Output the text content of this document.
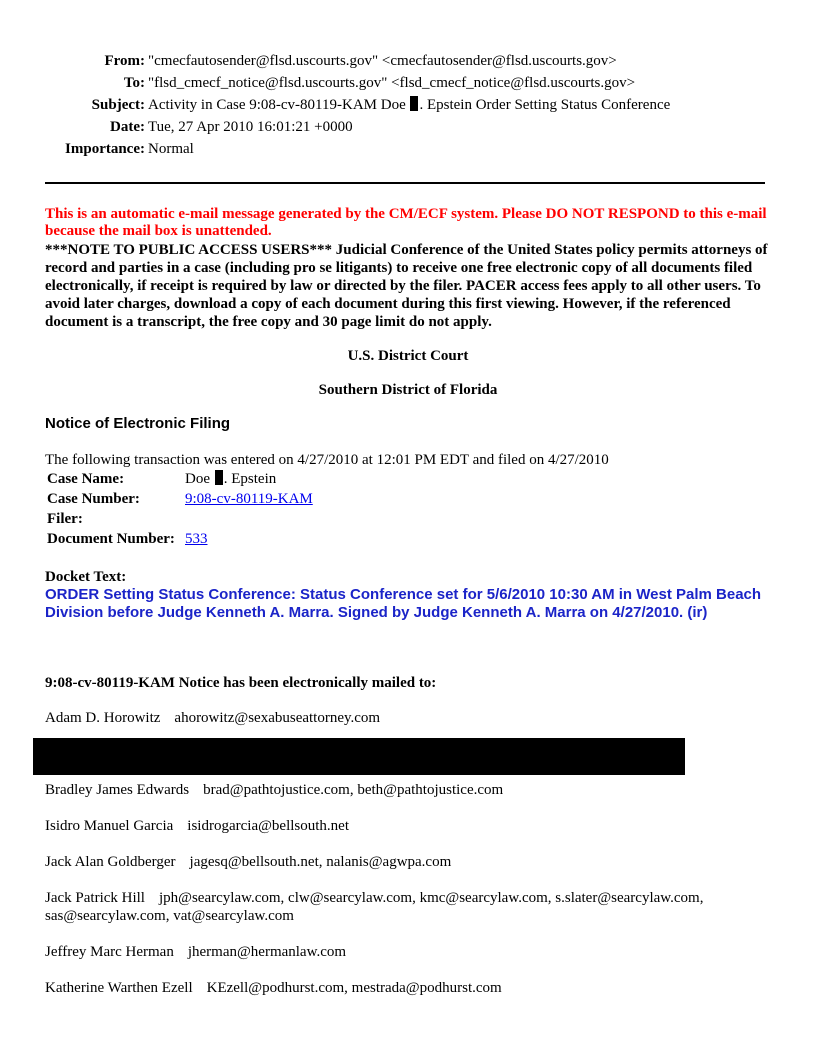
From: "cmecfautosender@flsd.uscourts.gov" <cmecfautosender@flsd.uscourts.gov>
To: "flsd_cmecf_notice@flsd.uscourts.gov" <flsd_cmecf_notice@flsd.uscourts.gov>
Subject: Activity in Case 9:08-cv-80119-KAM Doe . Epstein Order Setting Status Conference
Date: Tue, 27 Apr 2010 16:01:21 +0000
Importance: Normal
This is an automatic e-mail message generated by the CM/ECF system. Please DO NOT RESPOND to this e-mail because the mail box is unattended.
***NOTE TO PUBLIC ACCESS USERS*** Judicial Conference of the United States policy permits attorneys of record and parties in a case (including pro se litigants) to receive one free electronic copy of all documents filed electronically, if receipt is required by law or directed by the filer. PACER access fees apply to all other users. To avoid later charges, download a copy of each document during this first viewing. However, if the referenced document is a transcript, the free copy and 30 page limit do not apply.
U.S. District Court
Southern District of Florida
Notice of Electronic Filing
The following transaction was entered on 4/27/2010 at 12:01 PM EDT and filed on 4/27/2010
Case Name:	Doe . Epstein
Case Number:	9:08-cv-80119-KAM
Filer:
Document Number: 533
Docket Text:
ORDER Setting Status Conference: Status Conference set for 5/6/2010 10:30 AM in West Palm Beach Division before Judge Kenneth A. Marra. Signed by Judge Kenneth A. Marra on 4/27/2010. (ir)
9:08-cv-80119-KAM Notice has been electronically mailed to:
Adam D. Horowitz ahorowitz@sexabuseattorney.com
Bradley James Edwards brad@pathtojustice.com, beth@pathtojustice.com
Isidro Manuel Garcia isidrogarcia@bellsouth.net
Jack Alan Goldberger jagesq@bellsouth.net, nalanis@agwpa.com
Jack Patrick Hill jph@searcylaw.com, clw@searcylaw.com, kmc@searcylaw.com, s.slater@searcylaw.com, sas@searcylaw.com, vat@searcylaw.com
Jeffrey Marc Herman jherman@hermanlaw.com
Katherine Warthen Ezell KEzell@podhurst.com, mestrada@podhurst.com
